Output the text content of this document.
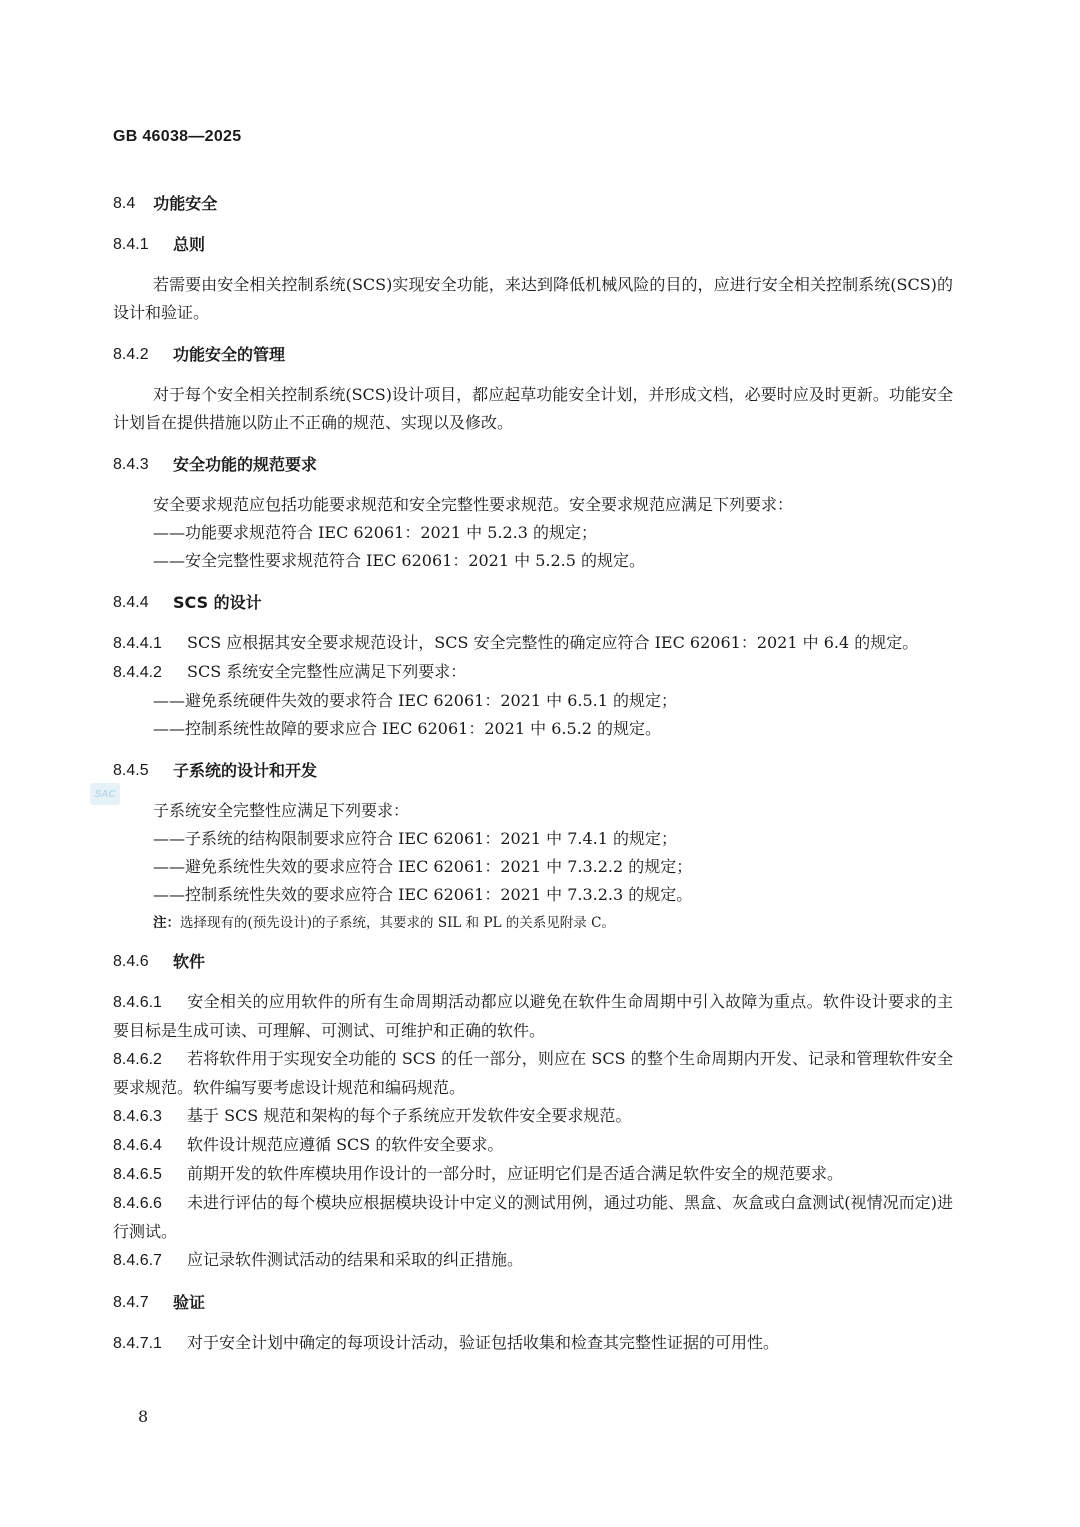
GB 46038—2025
SAC
8.4 功能安全
8.4.1	总则

若需要由安全相关控制系统(SCS)实现安全功能，来达到降低机械风险的目的，应进行安全相关控制系统(SCS)的设计和验证。

8.4.2	功能安全的管理

对于每个安全相关控制系统(SCS)设计项目，都应起草功能安全计划，并形成文档，必要时应及时更新。功能安全计划旨在提供措施以防止不正确的规范、实现以及修改。

8.4.3	安全功能的规范要求

安全要求规范应包括功能要求规范和安全完整性要求规范。安全要求规范应满足下列要求：

——功能要求规范符合 IEC 62061：2021 中 5.2.3 的规定；

——安全完整性要求规范符合 IEC 62061：2021 中 5.2.5 的规定。

8.4.4	SCS 的设计

8.4.4.1 SCS 应根据其安全要求规范设计，SCS 安全完整性的确定应符合 IEC 62061：2021 中 6.4 的规定。

8.4.4.2 SCS 系统安全完整性应满足下列要求：

——避免系统硬件失效的要求符合 IEC 62061：2021 中 6.5.1 的规定；

——控制系统性故障的要求应合 IEC 62061：2021 中 6.5.2 的规定。

8.4.5	子系统的设计和开发

子系统安全完整性应满足下列要求：

——子系统的结构限制要求应符合 IEC 62061：2021 中 7.4.1 的规定；

——避免系统性失效的要求应符合 IEC 62061：2021 中 7.3.2.2 的规定；

——控制系统性失效的要求应符合 IEC 62061：2021 中 7.3.2.3 的规定。

注：选择现有的(预先设计)的子系统，其要求的 SIL 和 PL 的关系见附录 C。
8.4.6	软件

8.4.6.1 安全相关的应用软件的所有生命周期活动都应以避免在软件生命周期中引入故障为重点。软件设计要求的主要目标是生成可读、可理解、可测试、可维护和正确的软件。

8.4.6.2 若将软件用于实现安全功能的 SCS 的任一部分，则应在 SCS 的整个生命周期内开发、记录和管理软件安全要求规范。软件编写要考虑设计规范和编码规范。

8.4.6.3 基于 SCS 规范和架构的每个子系统应开发软件安全要求规范。

8.4.6.4 软件设计规范应遵循 SCS 的软件安全要求。

8.4.6.5 前期开发的软件库模块用作设计的一部分时，应证明它们是否适合满足软件安全的规范要求。

8.4.6.6 未进行评估的每个模块应根据模块设计中定义的测试用例，通过功能、黑盒、灰盒或白盒测试(视情况而定)进行测试。

8.4.6.7 应记录软件测试活动的结果和采取的纠正措施。

8.4.7	验证

8.4.7.1 对于安全计划中确定的每项设计活动，验证包括收集和检查其完整性证据的可用性。

8
